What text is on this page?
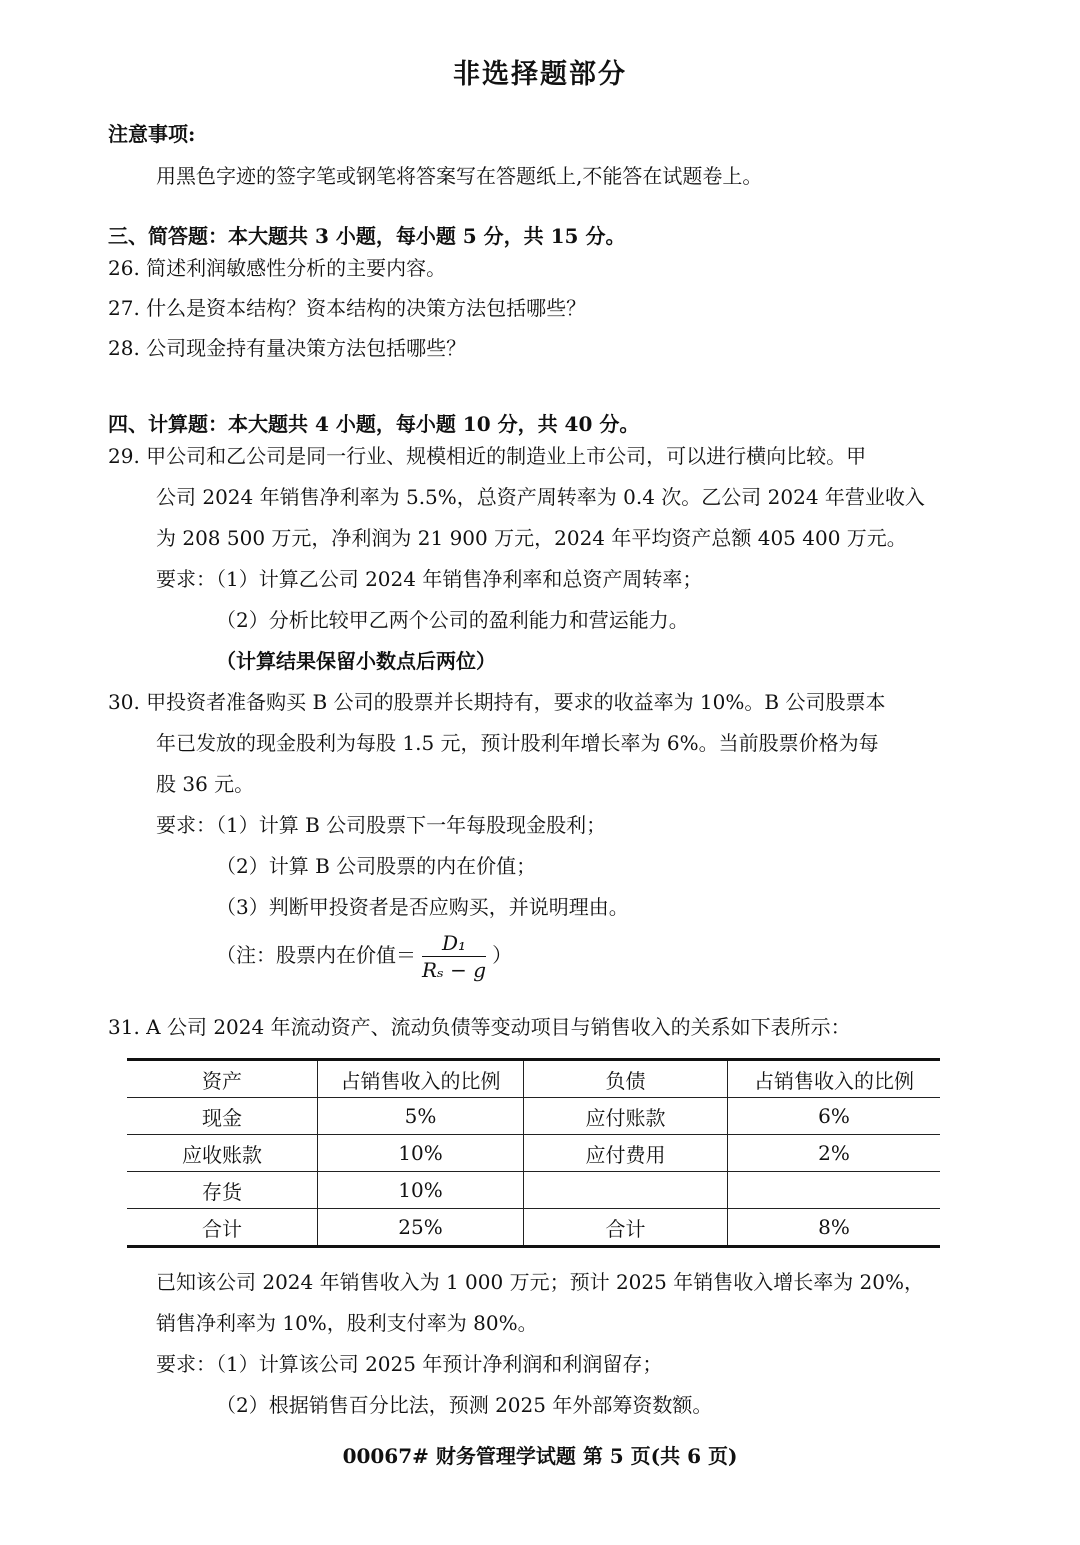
非选择题部分
注意事项:
用黑色字迹的签字笔或钢笔将答案写在答题纸上,不能答在试题卷上。
三、简答题：本大题共 3 小题，每小题 5 分，共 15 分。
26. 简述利润敏感性分析的主要内容。
27. 什么是资本结构？资本结构的决策方法包括哪些？
28. 公司现金持有量决策方法包括哪些？
四、计算题：本大题共 4 小题，每小题 10 分，共 40 分。
29. 甲公司和乙公司是同一行业、规模相近的制造业上市公司，可以进行横向比较。甲
公司 2024 年销售净利率为 5.5%，总资产周转率为 0.4 次。乙公司 2024 年营业收入
为 208 500 万元，净利润为 21 900 万元，2024 年平均资产总额 405 400 万元。
要求：（1）计算乙公司 2024 年销售净利率和总资产周转率；
（2）分析比较甲乙两个公司的盈利能力和营运能力。
（计算结果保留小数点后两位）
30. 甲投资者准备购买 B 公司的股票并长期持有，要求的收益率为 10%。B 公司股票本
年已发放的现金股利为每股 1.5 元，预计股利年增长率为 6%。当前股票价格为每
股 36 元。
要求：（1）计算 B 公司股票下一年每股现金股利；
（2）计算 B 公司股票的内在价值；
（3）判断甲投资者是否应购买，并说明理由。
（注：股票内在价值＝ $\frac{\text{D₁}}{\text{Rₛ − g}}$ ）
31. A 公司 2024 年流动资产、流动负债等变动项目与销售收入的关系如下表所示：
资产	占销售收入的比例	负债	占销售收入的比例
现金	5%	应付账款	6%
应收账款	10%	应付费用	2%
存货	10%		
合计	25%	合计	8%
已知该公司 2024 年销售收入为 1 000 万元；预计 2025 年销售收入增长率为 20%，
销售净利率为 10%，股利支付率为 80%。
要求：（1）计算该公司 2025 年预计净利润和利润留存；
（2）根据销售百分比法，预测 2025 年外部筹资数额。
00067# 财务管理学试题 第 5 页(共 6 页)
